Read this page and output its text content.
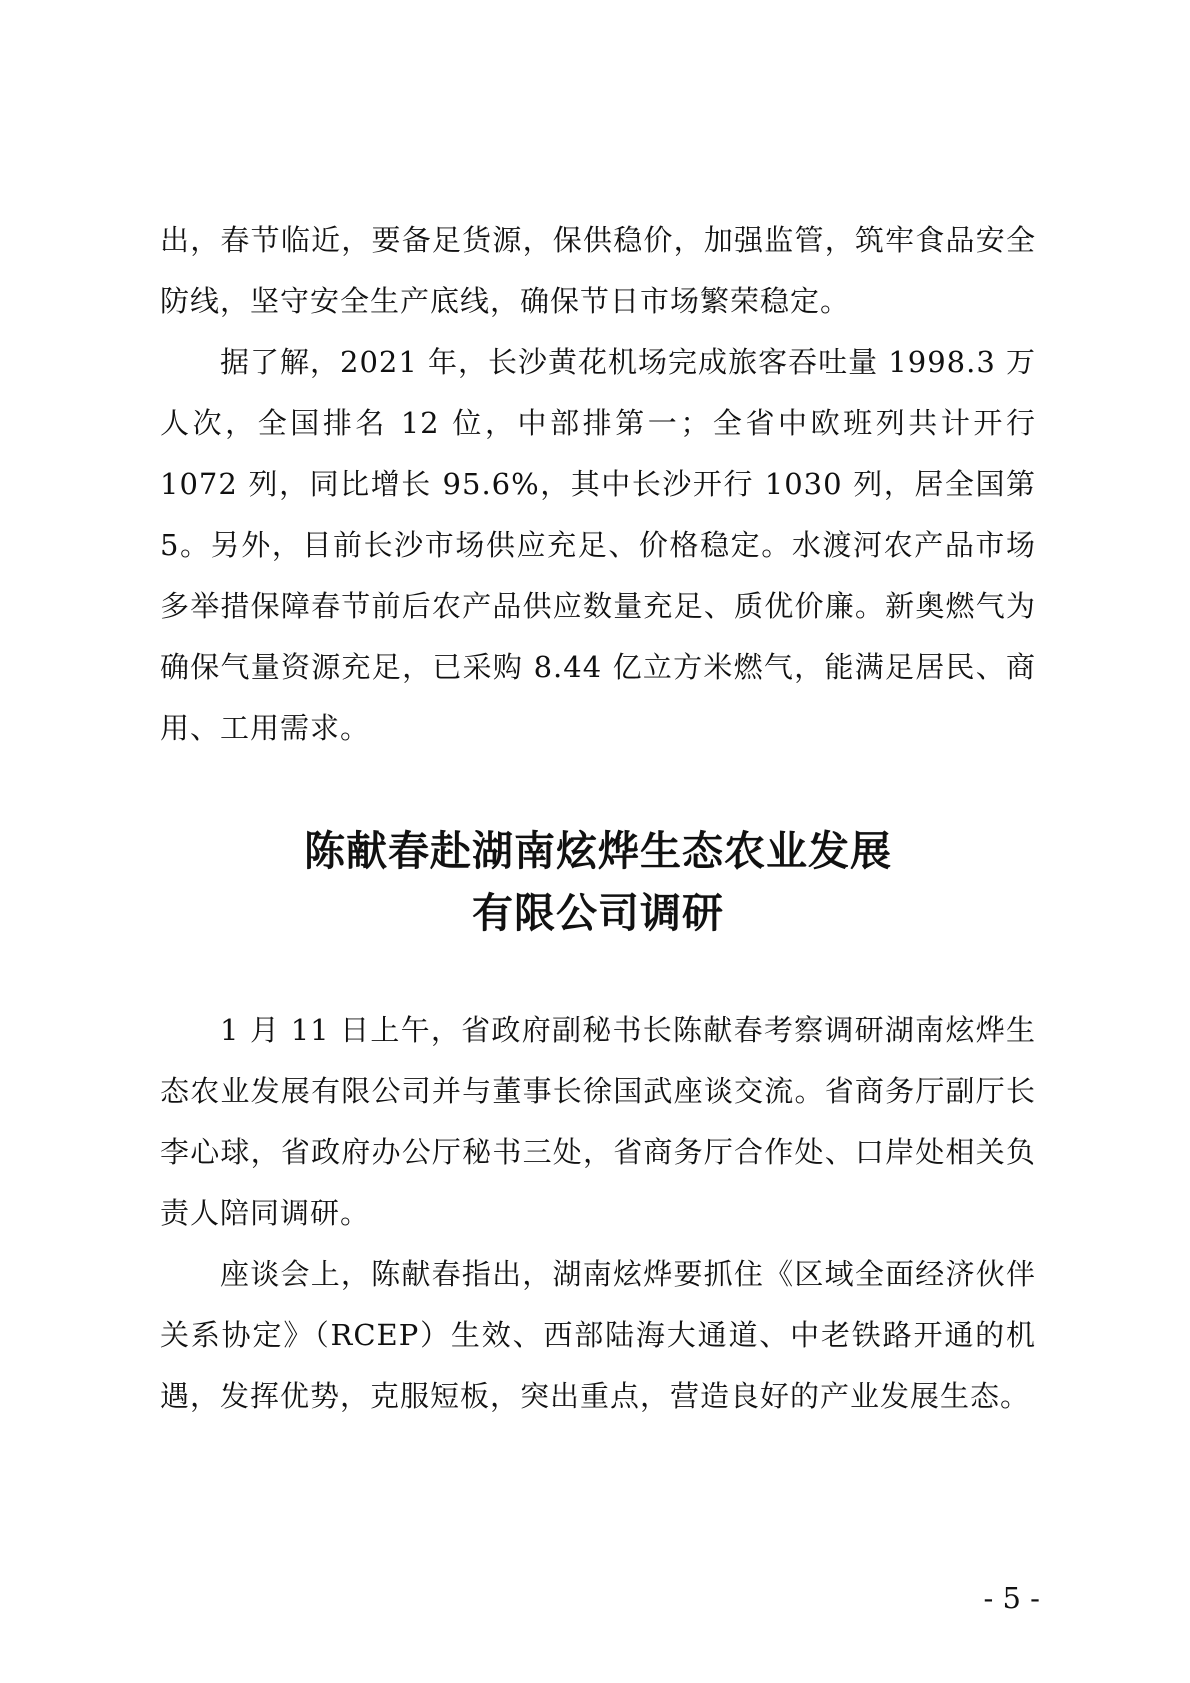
出，春节临近，要备足货源，保供稳价，加强监管，筑牢食品安全防线，坚守安全生产底线，确保节日市场繁荣稳定。

据了解，2021 年，长沙黄花机场完成旅客吞吐量 1998.3 万人次，全国排名 12 位，中部排第一；全省中欧班列共计开行 1072 列，同比增长 95.6%，其中长沙开行 1030 列，居全国第 5。另外，目前长沙市场供应充足、价格稳定。水渡河农产品市场多举措保障春节前后农产品供应数量充足、质优价廉。新奥燃气为确保气量资源充足，已采购 8.44 亿立方米燃气，能满足居民、商用、工用需求。

陈献春赴湖南炫烨生态农业发展
有限公司调研

1 月 11 日上午，省政府副秘书长陈献春考察调研湖南炫烨生态农业发展有限公司并与董事长徐国武座谈交流。省商务厅副厅长李心球，省政府办公厅秘书三处，省商务厅合作处、口岸处相关负责人陪同调研。

座谈会上，陈献春指出，湖南炫烨要抓住《区域全面经济伙伴关系协定》（RCEP）生效、西部陆海大通道、中老铁路开通的机遇，发挥优势，克服短板，突出重点，营造良好的产业发展生态。

- 5 -
